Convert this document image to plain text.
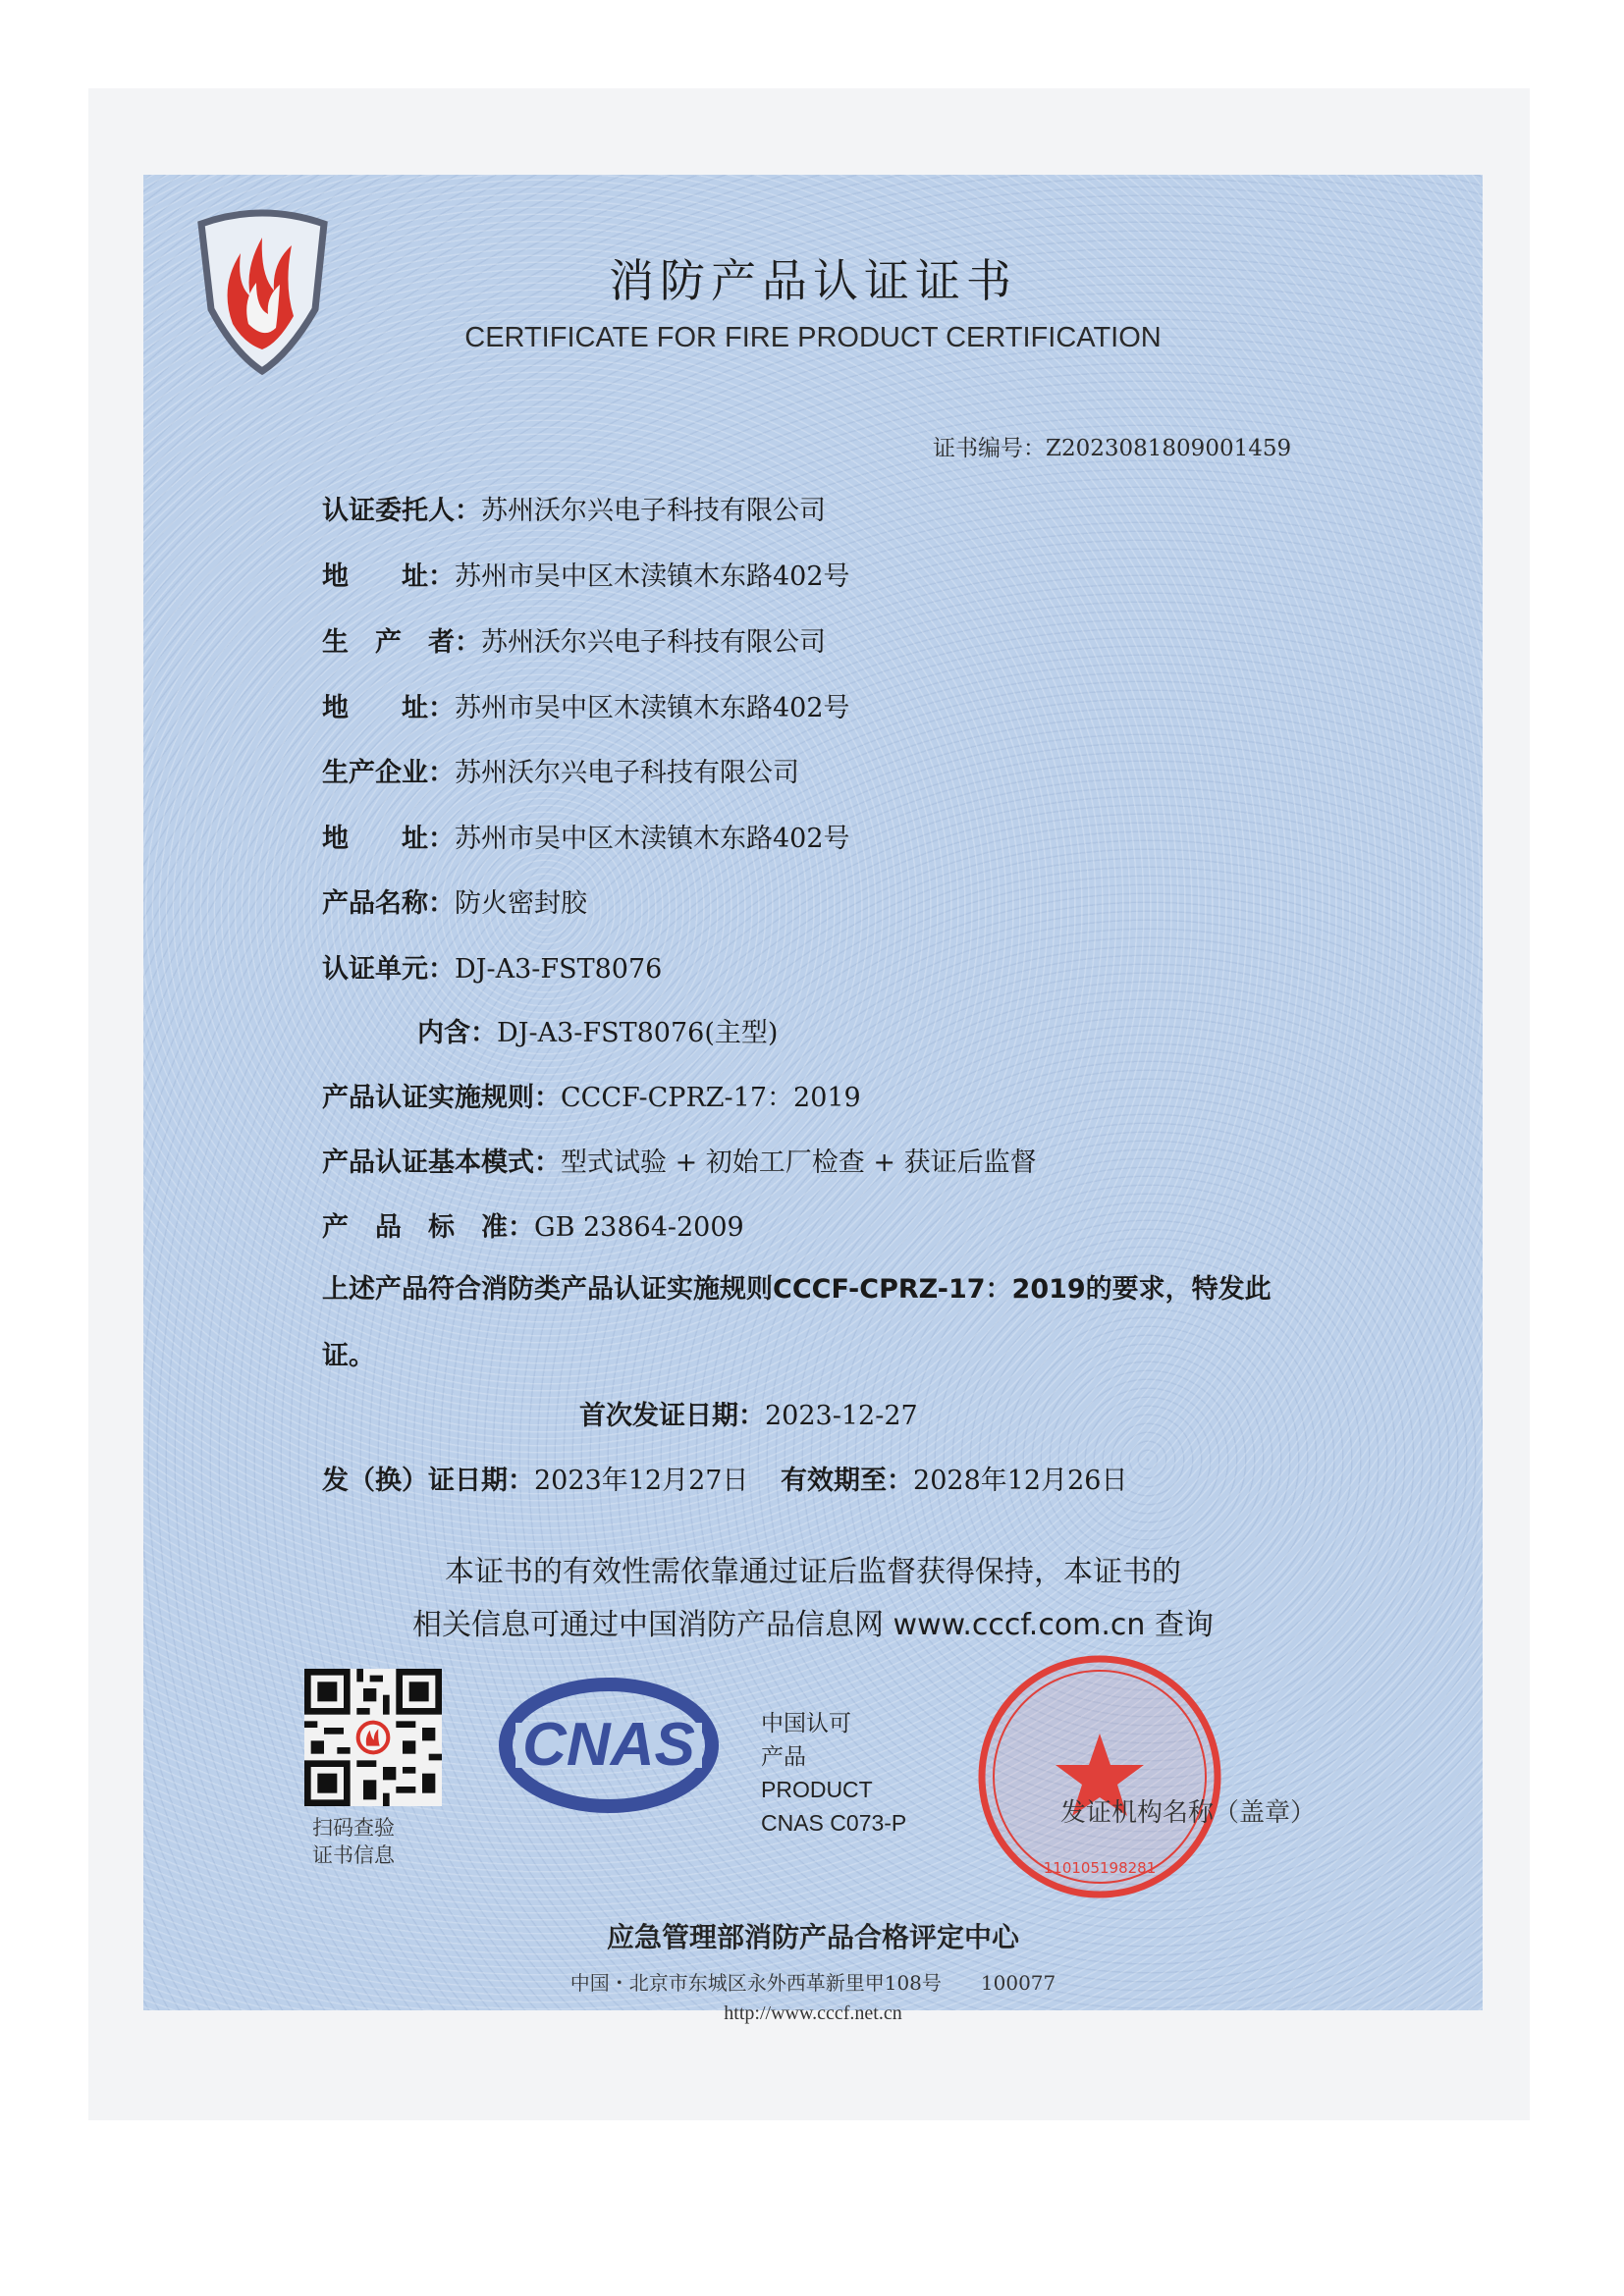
消防产品认证证书
CERTIFICATE FOR FIRE PRODUCT CERTIFICATION
证书编号：Z2023081809001459
认证委托人：苏州沃尔兴电子科技有限公司
地　　址：苏州市吴中区木渎镇木东路402号
生　产　者：苏州沃尔兴电子科技有限公司
地　　址：苏州市吴中区木渎镇木东路402号
生产企业：苏州沃尔兴电子科技有限公司
地　　址：苏州市吴中区木渎镇木东路402号
产品名称：防火密封胶
认证单元：DJ-A3-FST8076
内含：DJ-A3-FST8076(主型)
产品认证实施规则：CCCF-CPRZ-17：2019
产品认证基本模式：型式试验 + 初始工厂检查 + 获证后监督
产　品　标　准：GB 23864-2009
上述产品符合消防类产品认证实施规则CCCF-CPRZ-17：2019的要求，特发此证。
首次发证日期：2023-12-27
发（换）证日期：2023年12月27日 有效期至：2028年12月26日
本证书的有效性需依靠通过证后监督获得保持，本证书的
相关信息可通过中国消防产品信息网 www.cccf.com.cn 查询
扫码查验
证书信息
CNAS	中国认可
产品
PRODUCT
CNAS C073-P
110105198281
发证机构名称（盖章）
应急管理部消防产品合格评定中心
中国・北京市东城区永外西革新里甲108号　　100077
http://www.cccf.net.cn
